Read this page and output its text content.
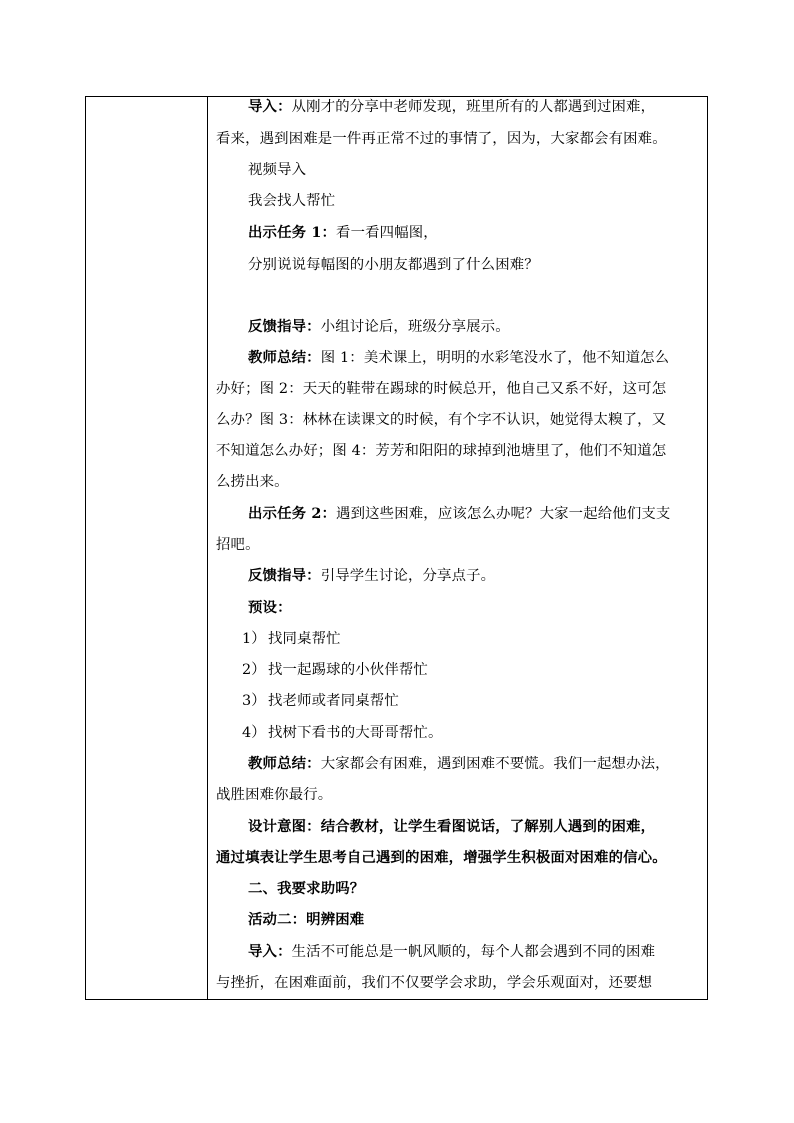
导入：从刚才的分享中老师发现，班里所有的人都遇到过困难，
看来，遇到困难是一件再正常不过的事情了，因为，大家都会有困难。
视频导入
我会找人帮忙
出示任务 1：看一看四幅图，
分别说说每幅图的小朋友都遇到了什么困难？
反馈指导：小组讨论后，班级分享展示。
教师总结：图 1：美术课上，明明的水彩笔没水了，他不知道怎么
办好；图 2：天天的鞋带在踢球的时候总开，他自己又系不好，这可怎
么办？图 3：林林在读课文的时候，有个字不认识，她觉得太糗了，又
不知道怎么办好；图 4：芳芳和阳阳的球掉到池塘里了，他们不知道怎
么捞出来。
出示任务 2：遇到这些困难，应该怎么办呢？大家一起给他们支支
招吧。
反馈指导：引导学生讨论，分享点子。
预设：
1） 找同桌帮忙
2） 找一起踢球的小伙伴帮忙
3） 找老师或者同桌帮忙
4） 找树下看书的大哥哥帮忙。
教师总结：大家都会有困难，遇到困难不要慌。我们一起想办法，
战胜困难你最行。
设计意图：结合教材，让学生看图说话，了解别人遇到的困难，
通过填表让学生思考自己遇到的困难，增强学生积极面对困难的信心。
二、我要求助吗？
活动二：明辨困难
导入：生活不可能总是一帆风顺的，每个人都会遇到不同的困难
与挫折，在困难面前，我们不仅要学会求助，学会乐观面对，还要想
